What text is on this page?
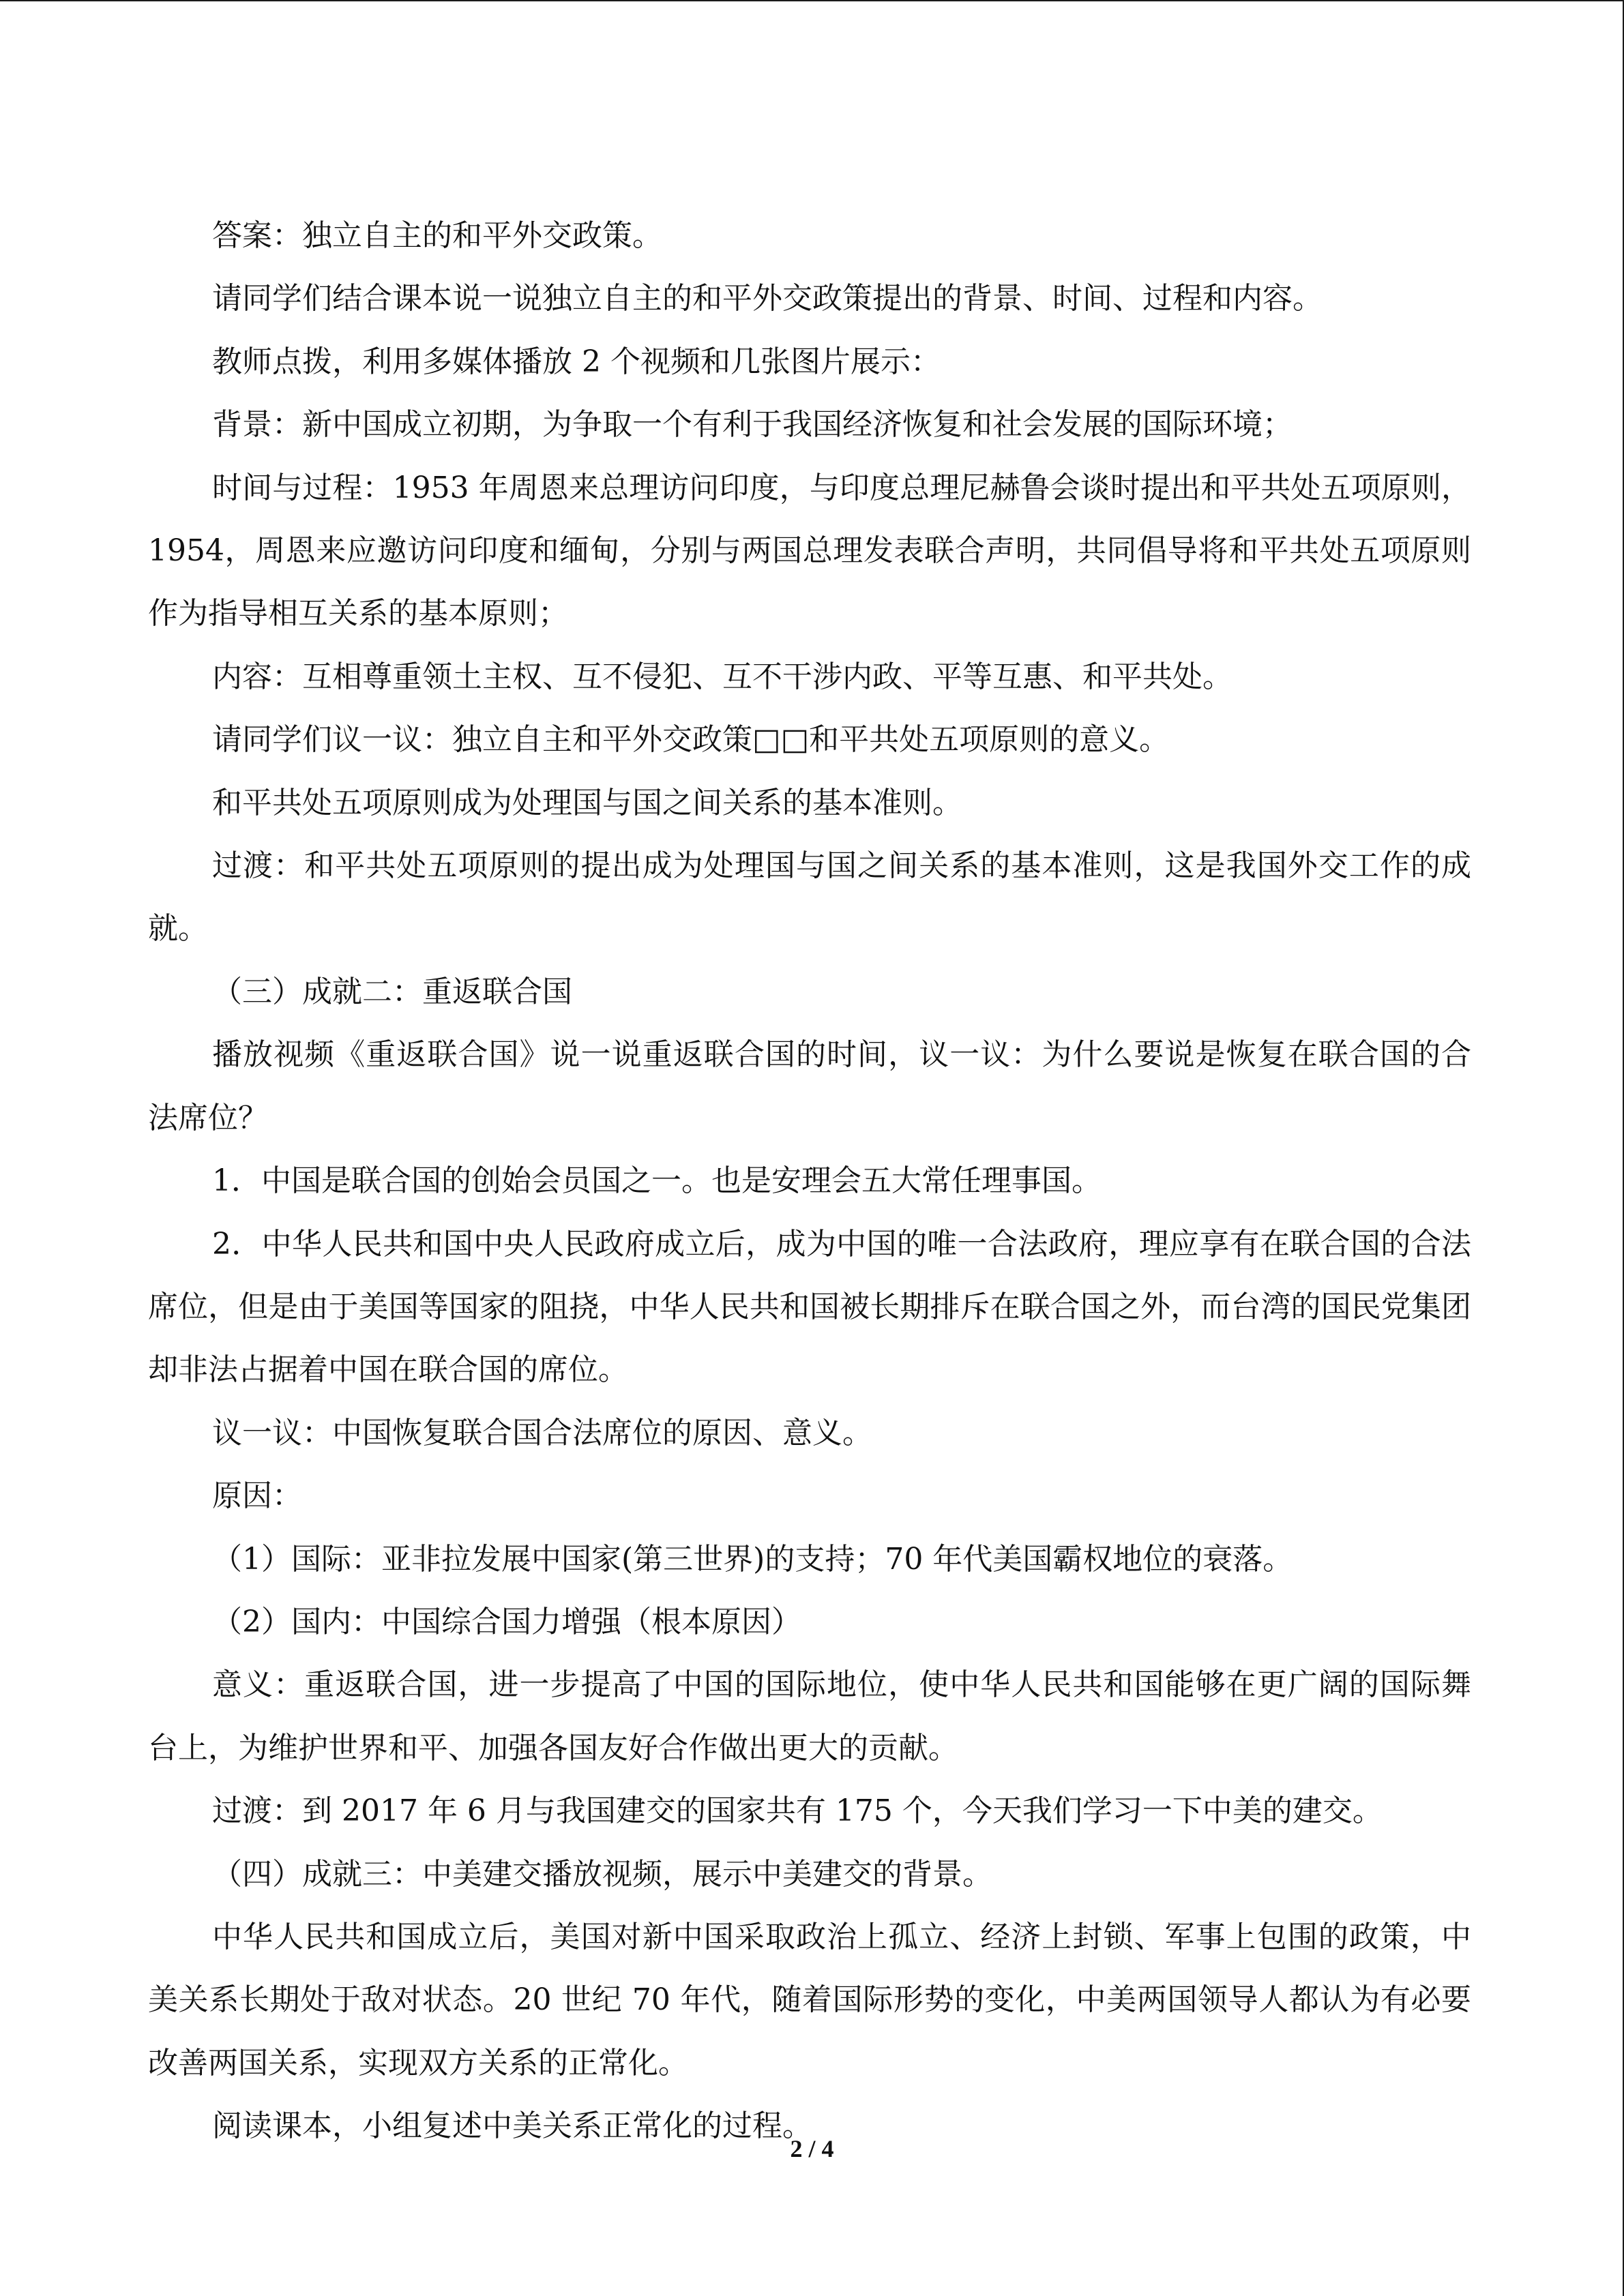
答案：独立自主的和平外交政策。

请同学们结合课本说一说独立自主的和平外交政策提出的背景、时间、过程和内容。

教师点拨，利用多媒体播放 2 个视频和几张图片展示：

背景：新中国成立初期，为争取一个有利于我国经济恢复和社会发展的国际环境；

时间与过程：1953 年周恩来总理访问印度，与印度总理尼赫鲁会谈时提出和平共处五项原则，1954，周恩来应邀访问印度和缅甸，分别与两国总理发表联合声明，共同倡导将和平共处五项原则作为指导相互关系的基本原则；

内容：互相尊重领土主权、互不侵犯、互不干涉内政、平等互惠、和平共处。

请同学们议一议：独立自主和平外交政策□□和平共处五项原则的意义。

和平共处五项原则成为处理国与国之间关系的基本准则。

过渡：和平共处五项原则的提出成为处理国与国之间关系的基本准则，这是我国外交工作的成就。

（三）成就二：重返联合国

播放视频《重返联合国》说一说重返联合国的时间，议一议：为什么要说是恢复在联合国的合法席位？

1．中国是联合国的创始会员国之一。也是安理会五大常任理事国。

2．中华人民共和国中央人民政府成立后，成为中国的唯一合法政府，理应享有在联合国的合法席位，但是由于美国等国家的阻挠，中华人民共和国被长期排斥在联合国之外，而台湾的国民党集团却非法占据着中国在联合国的席位。

议一议：中国恢复联合国合法席位的原因、意义。

原因：

（1）国际：亚非拉发展中国家(第三世界)的支持；70 年代美国霸权地位的衰落。

（2）国内：中国综合国力增强（根本原因）

意义：重返联合国，进一步提高了中国的国际地位，使中华人民共和国能够在更广阔的国际舞台上，为维护世界和平、加强各国友好合作做出更大的贡献。

过渡：到 2017 年 6 月与我国建交的国家共有 175 个，今天我们学习一下中美的建交。

（四）成就三：中美建交播放视频，展示中美建交的背景。

中华人民共和国成立后，美国对新中国采取政治上孤立、经济上封锁、军事上包围的政策，中美关系长期处于敌对状态。20 世纪 70 年代，随着国际形势的变化，中美两国领导人都认为有必要改善两国关系，实现双方关系的正常化。

阅读课本，小组复述中美关系正常化的过程。

2 / 4
